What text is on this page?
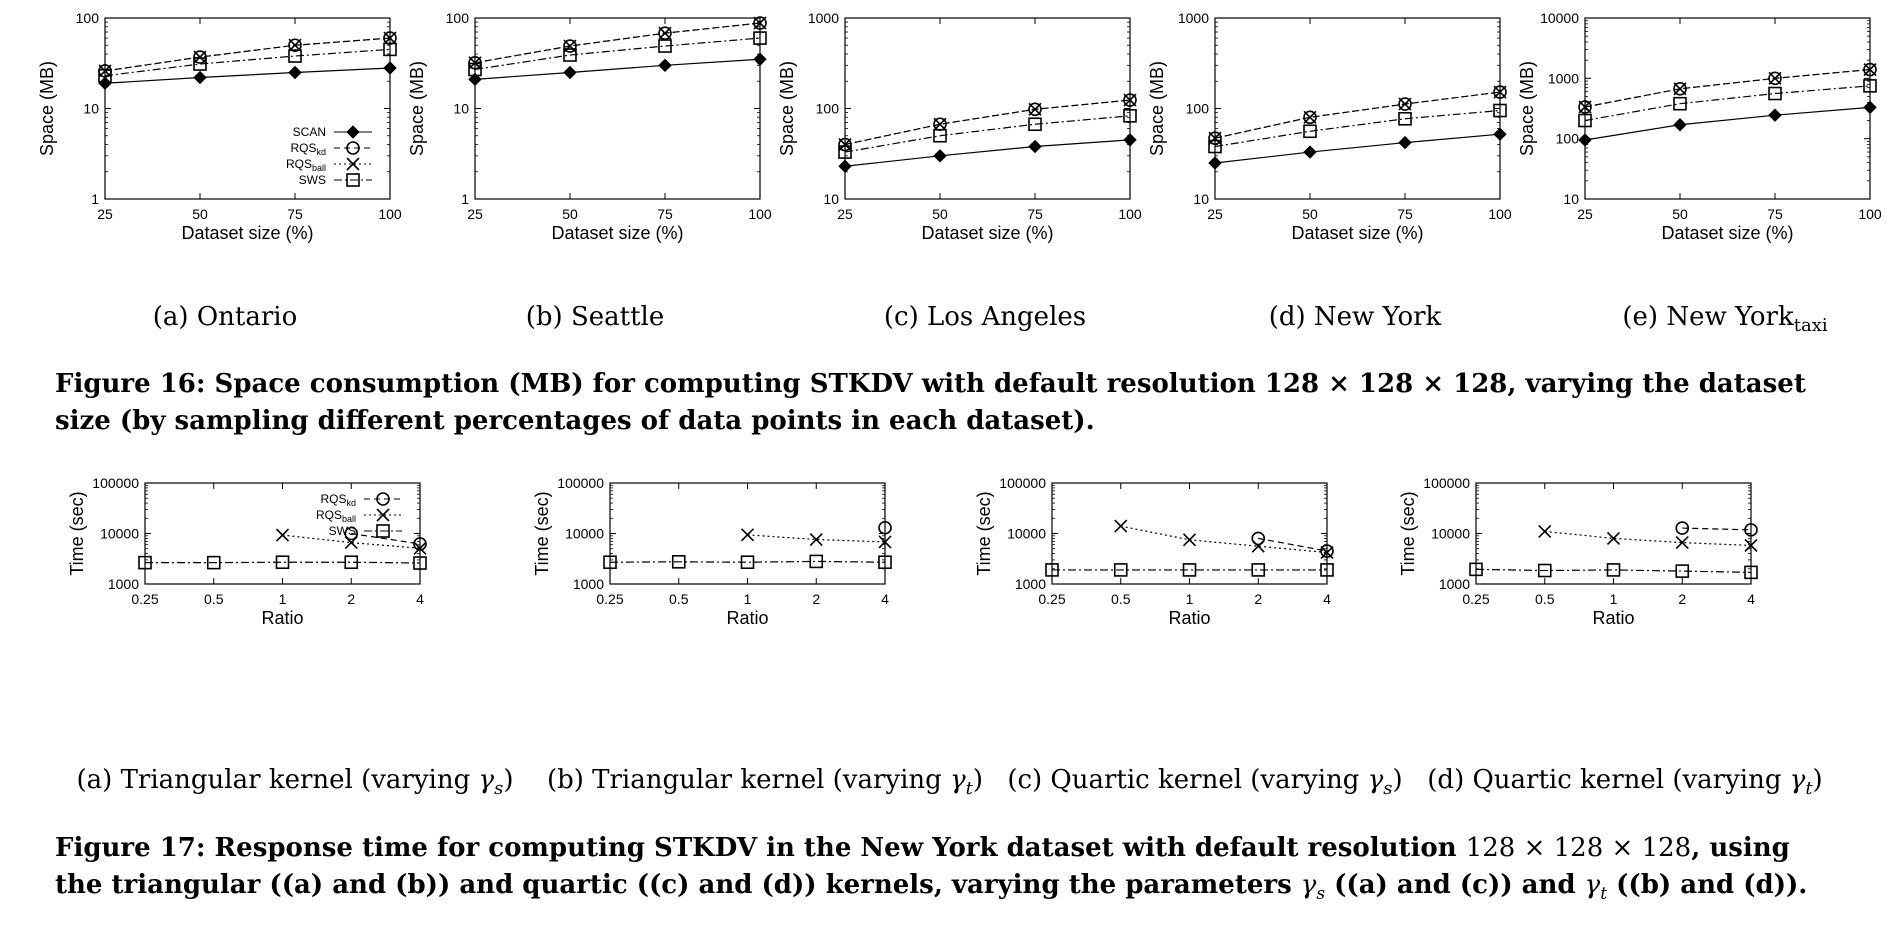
1
10
100
25	50	75	100
Dataset size (%)
Space (MB)	SCAN
$RQS_{kd}$
$RQS_{ball}$
SWS
1
10
100
25	50	75	100
Dataset size (%)
Space (MB)
10
100
1000
25	50	75	100
Dataset size (%)
Space (MB)
10
100
1000
25	50	75	100
Dataset size (%)
Space (MB)
10
100
1000
10000
25	50	75	100
Dataset size (%)
Space (MB)
(a) Ontario	(b) Seattle	(c) Los Angeles	(d) New York	(e) New York$_{taxi}$
Figure 16: Space consumption (MB) for computing STKDV with default resolution 128 × 128 × 128, varying the dataset size (by sampling different percentages of data points in each dataset).
1000
10000
100000
0.25	0.5	1	2	4
Ratio
Time (sec)	$RQS_{kd}$
$RQS_{ball}$
SWS
1000
10000
100000
0.25	0.5	1	2	4
Ratio
Time (sec)
1000
10000
100000
0.25	0.5	1	2	4
Ratio
Time (sec)
1000
10000
100000
0.25	0.5	1	2	4
Ratio
Time (sec)
(a) Triangular kernel (varying $\gamma_s$)	(b) Triangular kernel (varying $\gamma_t$) (c) Quartic kernel (varying $\gamma_s$) (d) Quartic kernel (varying $\gamma_t$)
Figure 17: Response time for computing STKDV in the New York dataset with default resolution 128 × 128 × 128, using the triangular ((a) and (b)) and quartic ((c) and (d)) kernels, varying the parameters $\gamma_s$ ((a) and (c)) and $\gamma_t$ ((b) and (d)).
